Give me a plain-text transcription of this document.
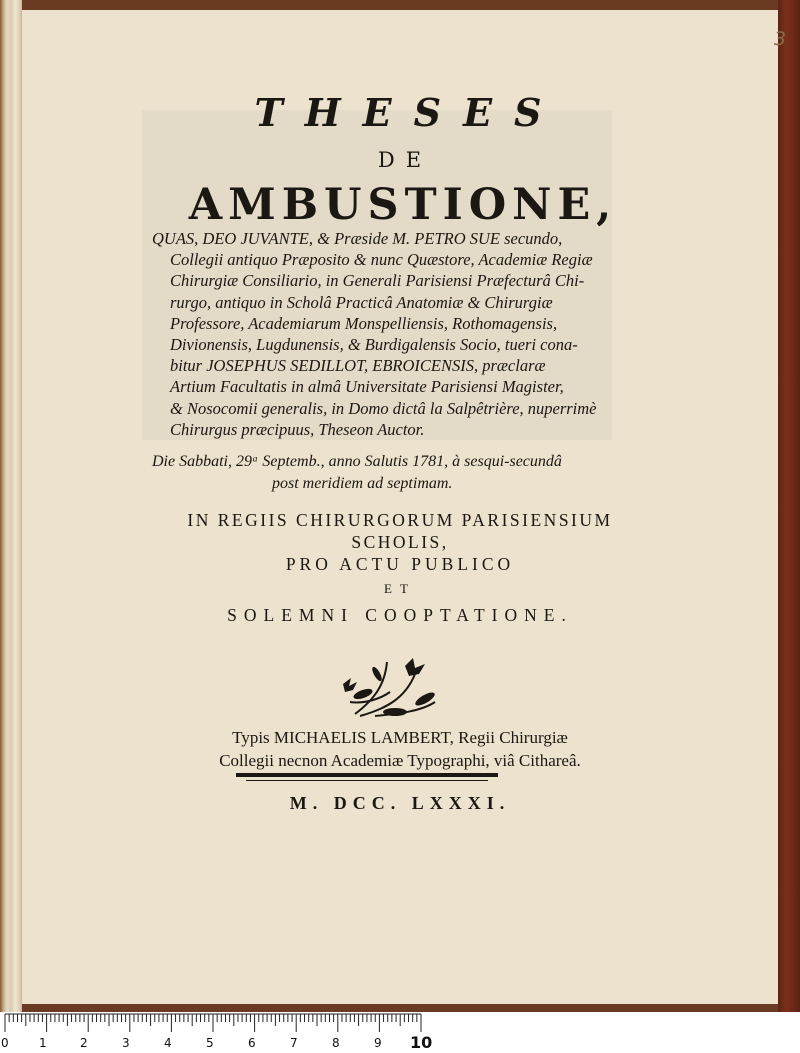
3
THESES
DE
AMBUSTIONE,
QUAS, DEO JUVANTE, & Præside M. PETRO SUE secundo,
Collegii antiquo Præposito & nunc Quæstore, Academiæ Regiæ
Chirurgiæ Consiliario, in Generali Parisiensi Præfecturâ Chi-
rurgo, antiquo in Scholâ Practicâ Anatomiæ & Chirurgiæ
Professore, Academiarum Monspelliensis, Rothomagensis,
Divionensis, Lugdunensis, & Burdigalensis Socio, tueri cona-
bitur JOSEPHUS SEDILLOT, EBROICENSIS, præclaræ
Artium Facultatis in almâ Universitate Parisiensi Magister,
& Nosocomii generalis, in Domo dictâ la Salpêtrière, nuperrimè
Chirurgus præcipuus, Theseon Auctor.
Die Sabbati, 29ᵃ Septemb., anno Salutis 1781, à sesqui-secundâ
post meridiem ad septimam.
IN REGIIS CHIRURGORUM PARISIENSIUM
SCHOLIS,
PRO ACTU PUBLICO
ET
SOLEMNI COOPTATIONE.
Typis MICHAELIS LAMBERT, Regii Chirurgiæ
Collegii necnon Academiæ Typographi, viâ Cithareâ.
M. DCC. LXXXI.
0	1	2	3	4	5	6	7	8	9 10
